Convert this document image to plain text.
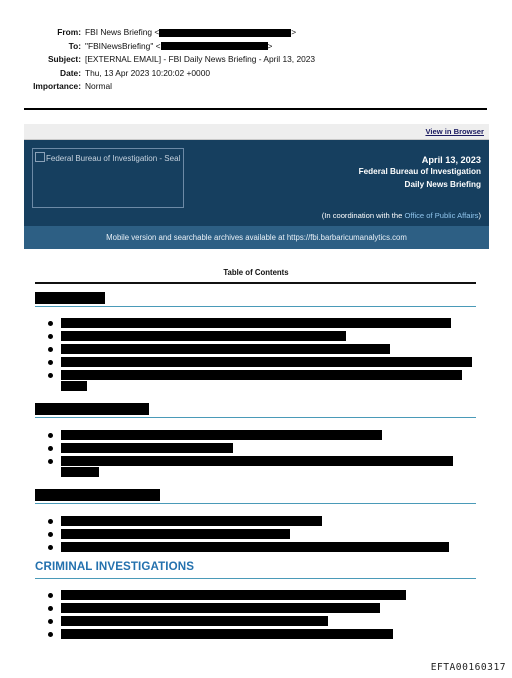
From: FBI News Briefing <	>
To: "FBINewsBriefing" <	>
Subject: [EXTERNAL EMAIL] - FBI Daily News Briefing - April 13, 2023
Date: Thu, 13 Apr 2023 10:20:02 +0000
Importance: Normal
View in Browser
Federal Bureau of Investigation - Seal	April 13, 2023
Federal Bureau of Investigation
Daily News Briefing
(In coordination with the Office of Public Affairs)
Mobile version and searchable archives available at https://fbi.barbaricumanalytics.com
Table of Contents
CRIMINAL INVESTIGATIONS
EFTA00160317
